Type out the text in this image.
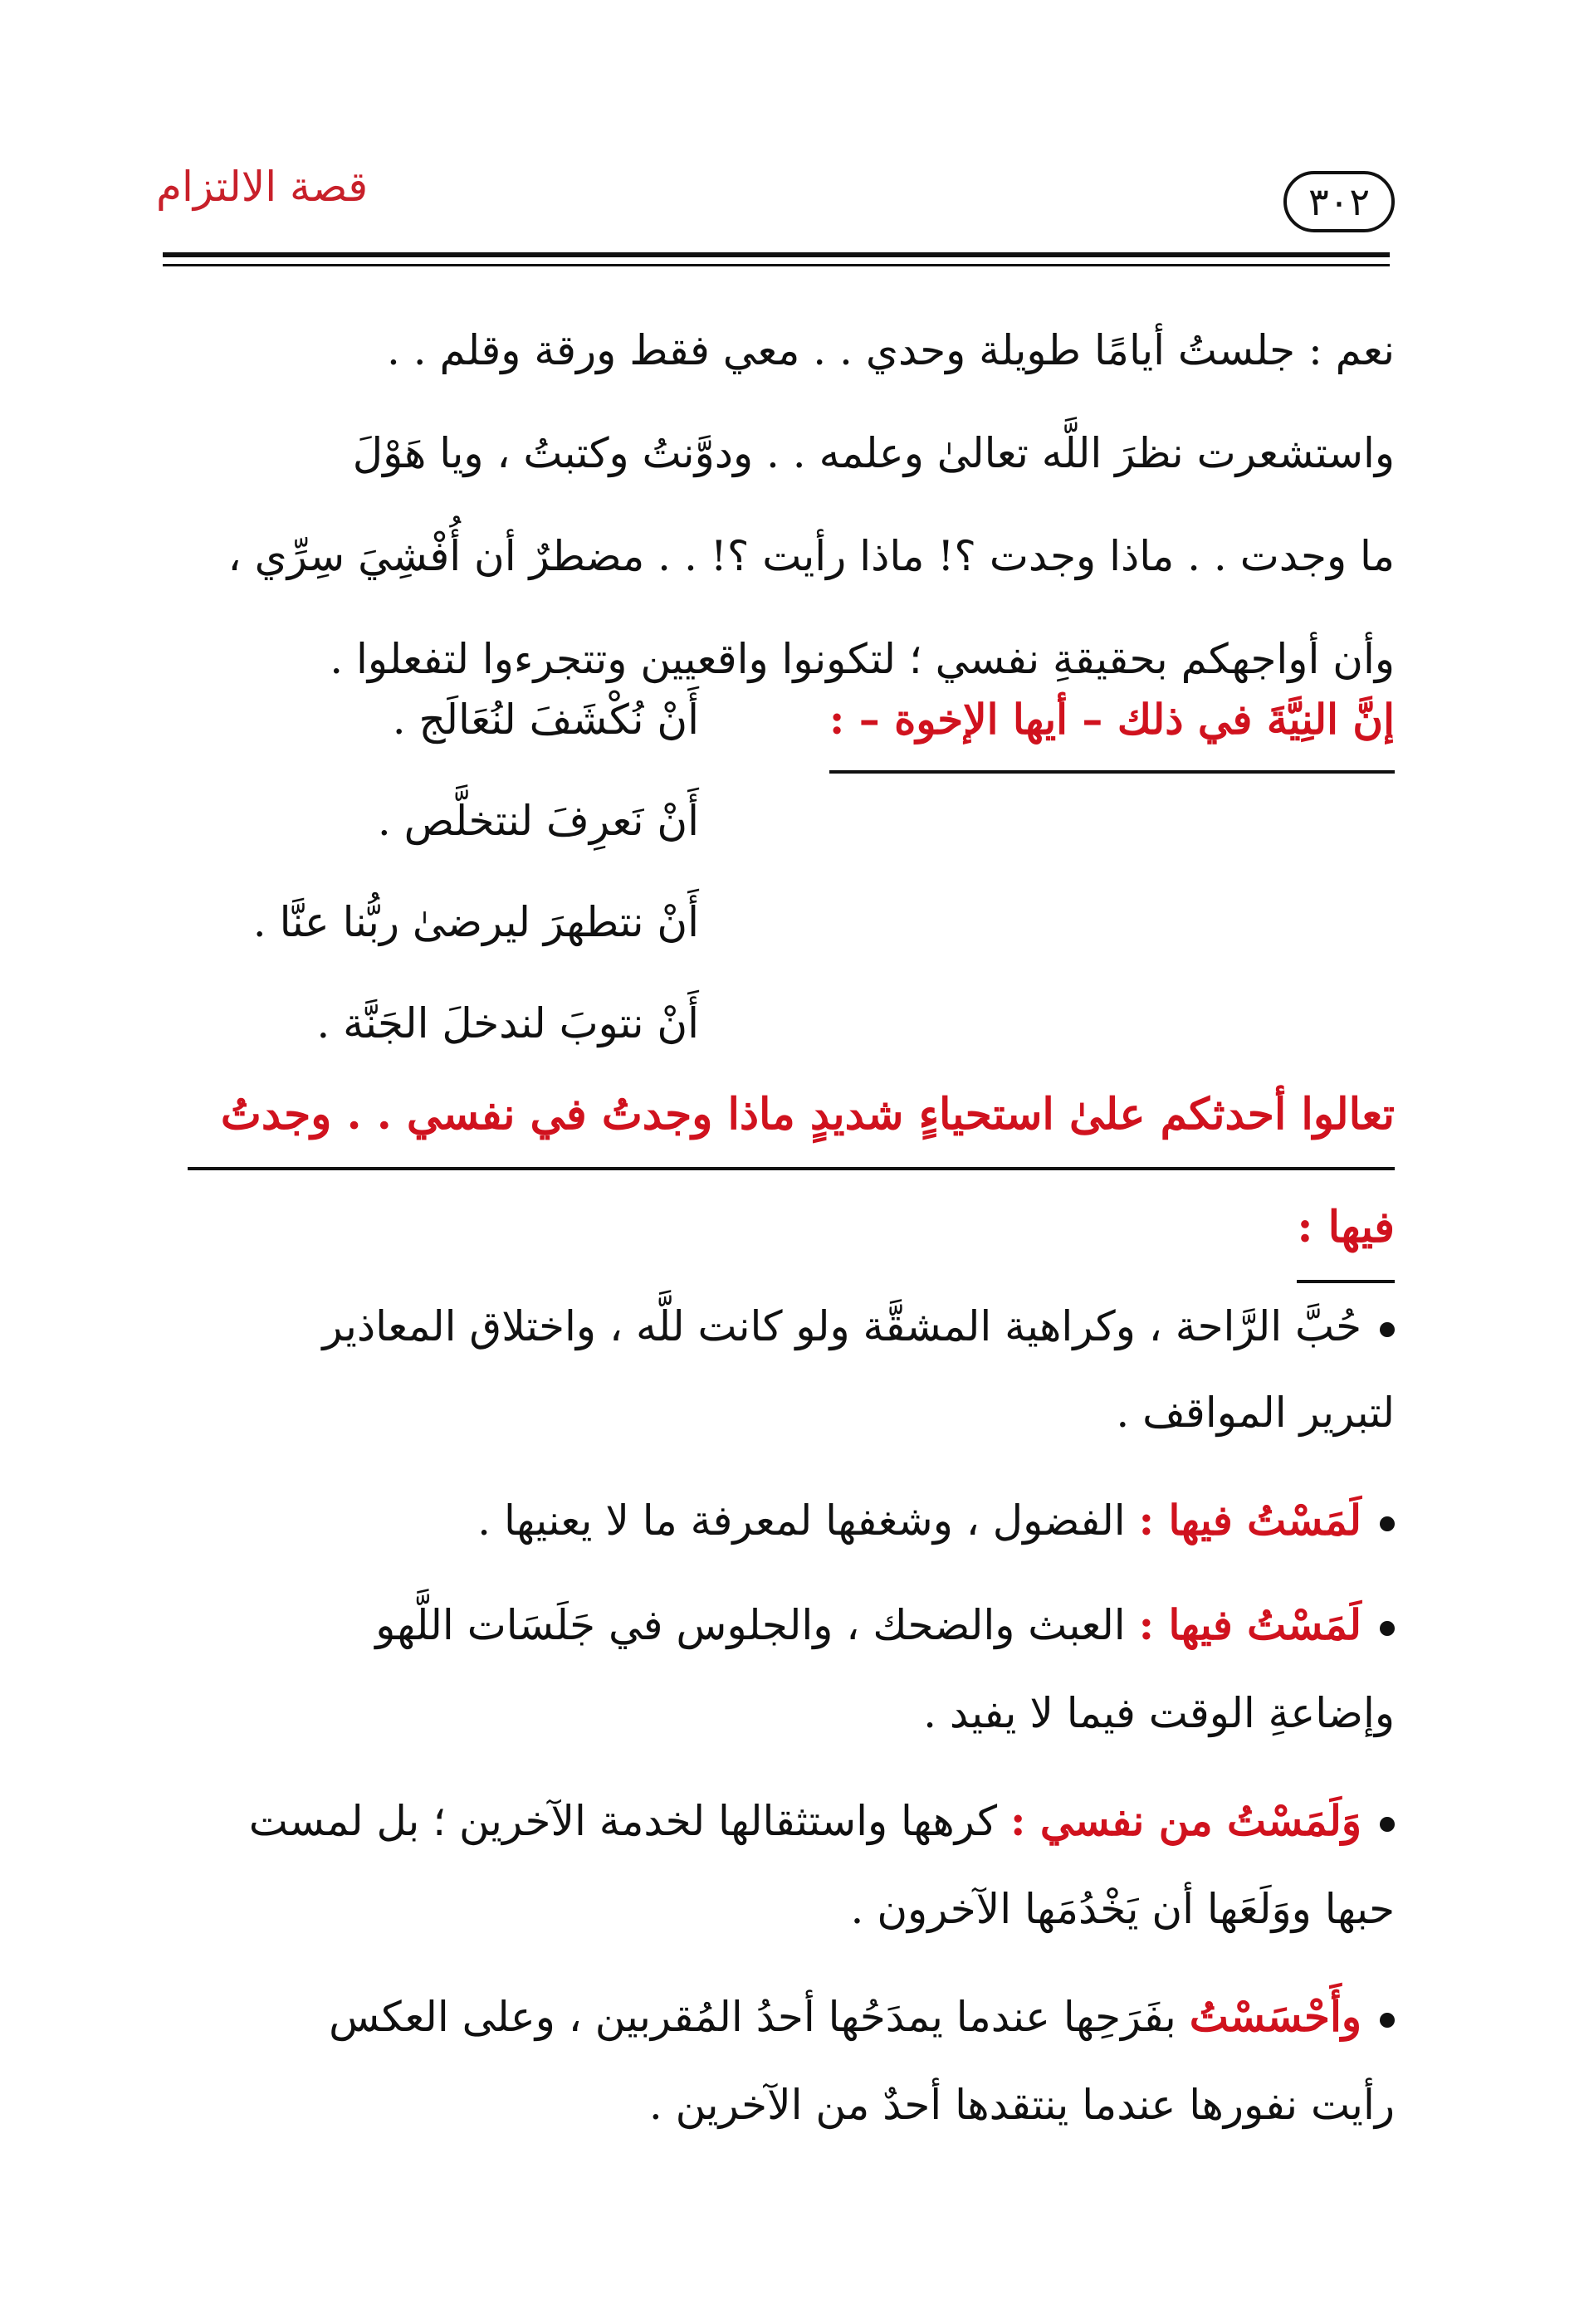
قصة الالتزام	٣٠٢
نعم : جلستُ أيامًا طويلة وحدي . . معي فقط ورقة وقلم . .
واستشعرت نظرَ اللَّه تعالىٰ وعلمه . . ودوَّنتُ وكتبتُ ، ويا هَوْلَ
ما وجدت . . ماذا وجدت ؟! ماذا رأيت ؟! . . مضطرٌ أن أُفْشِيَ سِرِّي ،
وأن أواجهكم بحقيقةِ نفسي ؛ لتكونوا واقعيين وتتجرءوا لتفعلوا .
إنَّ النِيَّةَ في ذلك – أيها الإخوة – :
أَنْ نُكْشَفَ لنُعَالَج .
أَنْ نَعرِفَ لنتخلَّص .
أَنْ نتطهرَ ليرضىٰ ربُّنا عنَّا .
أَنْ نتوبَ لندخلَ الجَنَّة .
تعالوا أحدثكم علىٰ استحياءٍ شديدٍ ماذا وجدتُ في نفسي . . وجدتُ
فيها :
حُبَّ الرَّاحة ، وكراهية المشقَّة ولو كانت للَّه ، واختلاق المعاذير
لتبرير المواقف .
لَمَسْتُ فيها : الفضول ، وشغفها لمعرفة ما لا يعنيها .
لَمَسْتُ فيها : العبث والضحك ، والجلوس في جَلَسَات اللَّهو
وإضاعةِ الوقت فيما لا يفيد .
وَلَمَسْتُ من نفسي : كرهها واستثقالها لخدمة الآخرين ؛ بل لمست
حبها ووَلَعَها أن يَخْدُمَها الآخرون .
وأَحْسَسْتُ بفَرَحِها عندما يمدَحُها أحدُ المُقربين ، وعلى العكس
رأيت نفورها عندما ينتقدها أحدٌ من الآخرين .
